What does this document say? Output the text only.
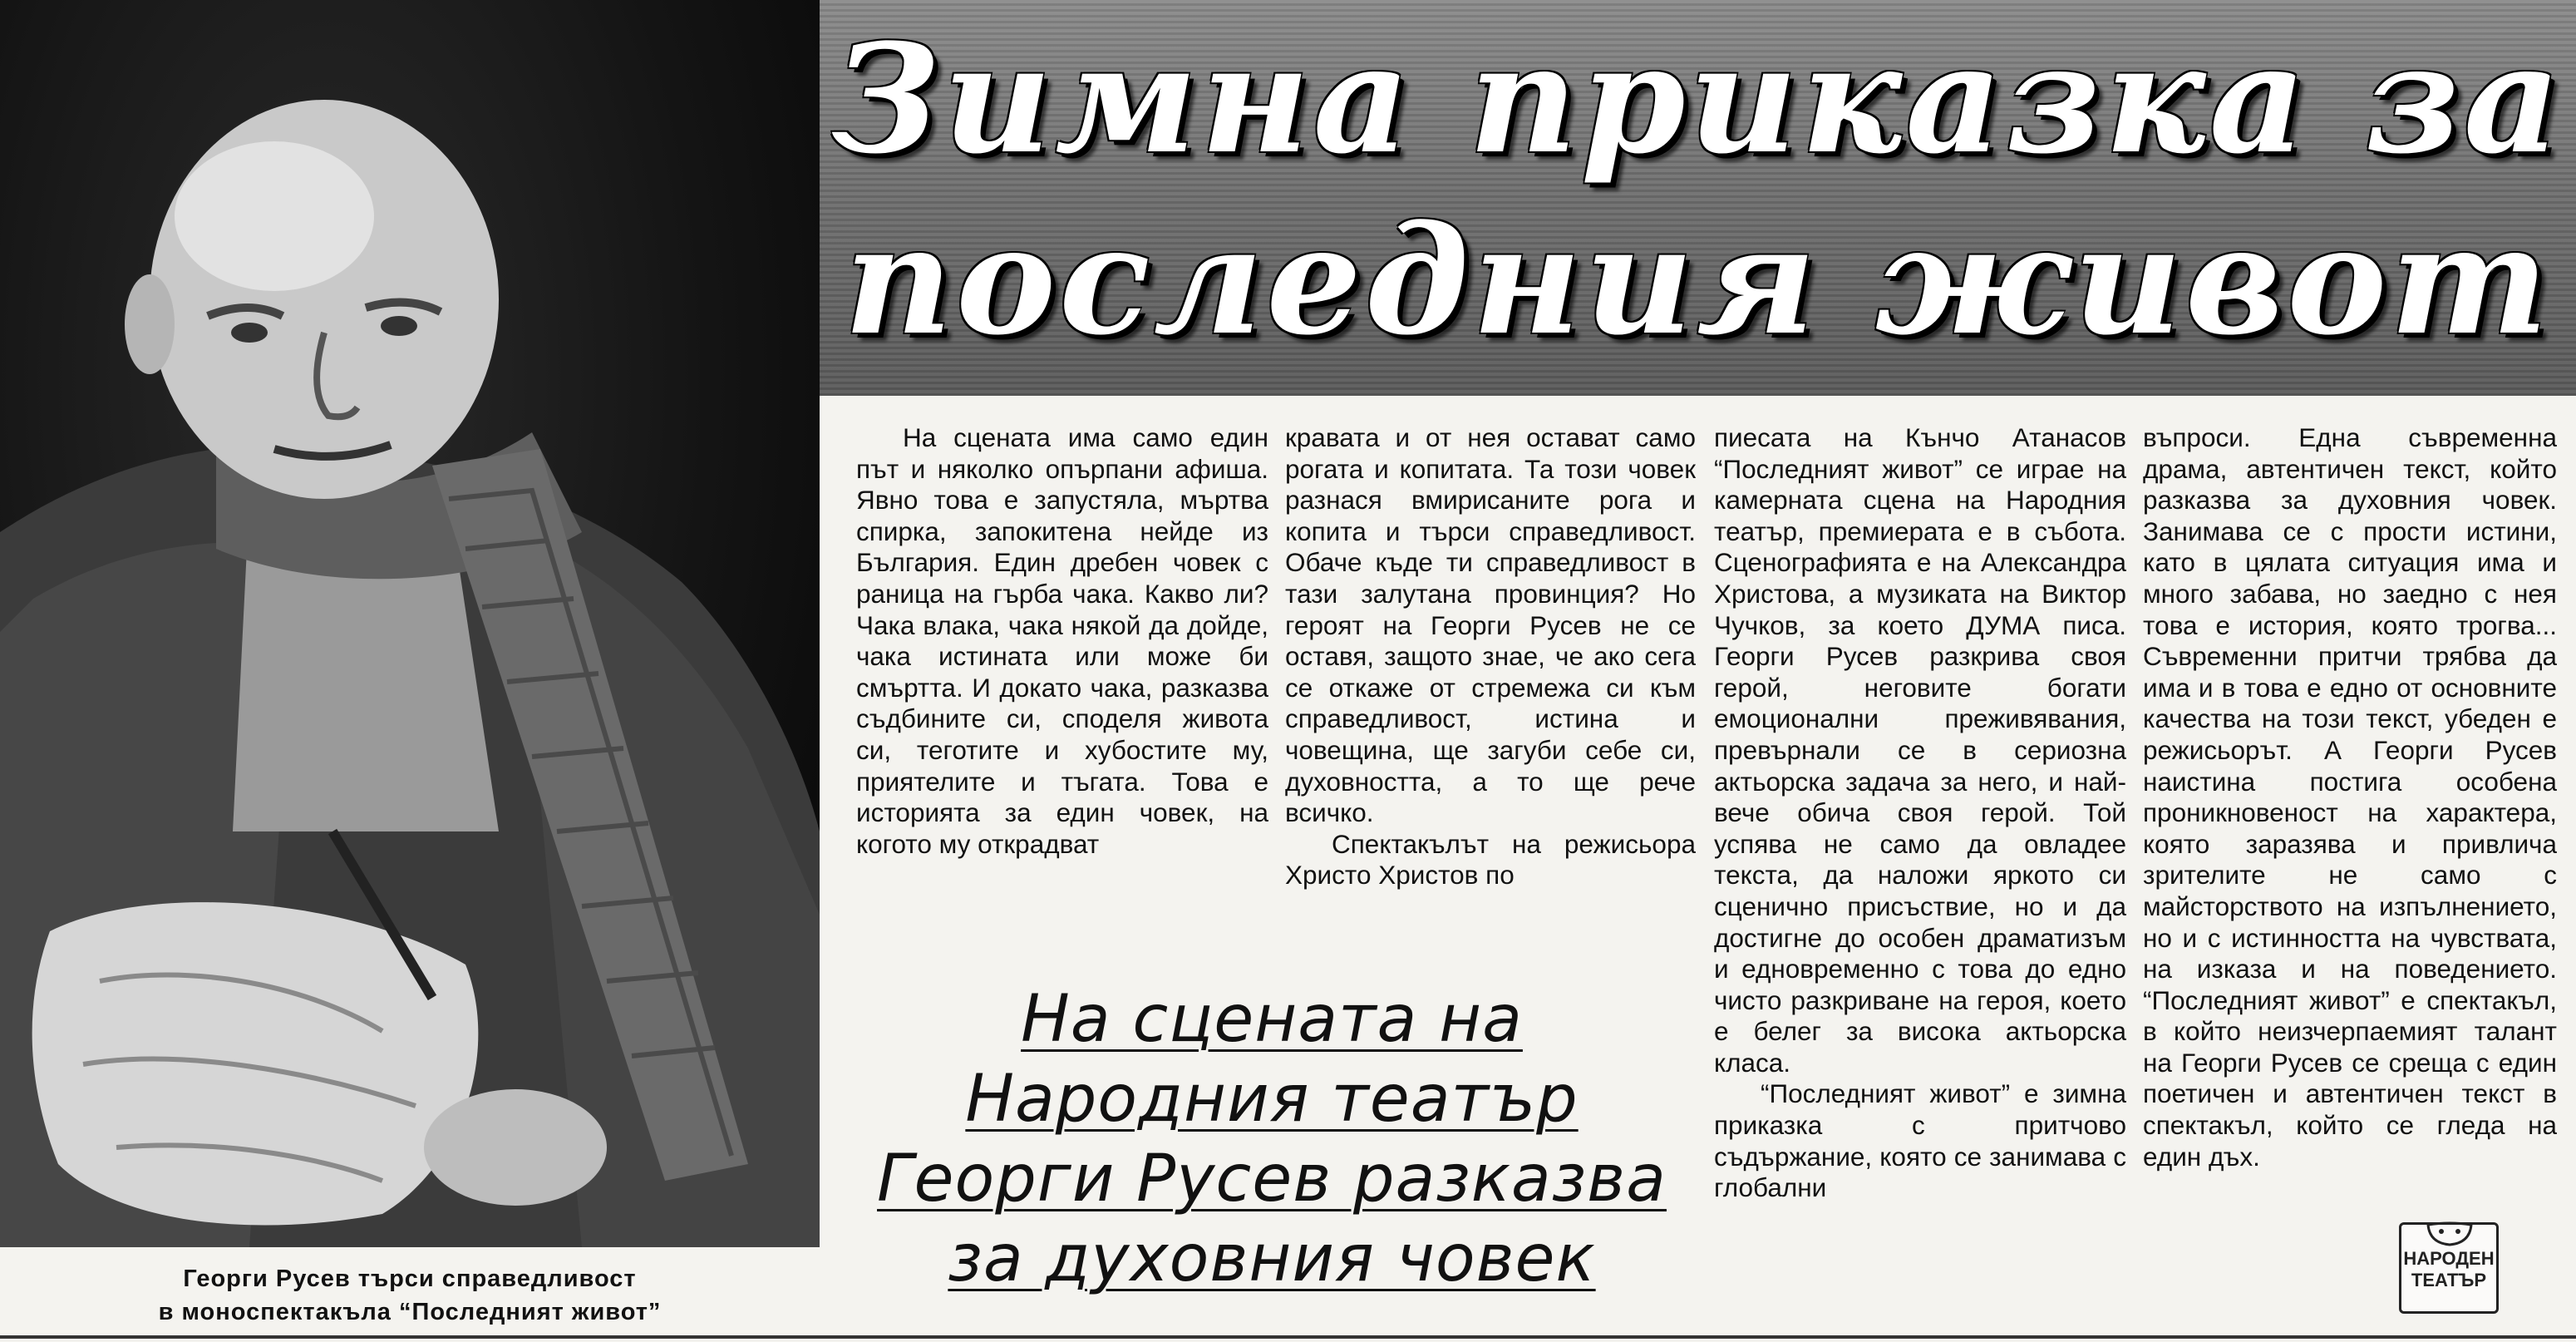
Георги Русев търси справедливост
в моноспектакъла “Последният живот”
Зимна приказка за
последния живот

На сцената има само един път и няколко опърпани афиша. Явно това е запустяла, мъртва спирка, запокитена нейде из България. Един дребен човек с раница на гърба чака. Какво ли? Чака влака, чака някой да дойде, чака истината или може би смъртта. И докато чака, разказва съдбините си, споделя живота си, теготите и хубостите му, приятелите и тъгата. Това е историята за един човек, на когото му открадват

кравата и от нея остават само рогата и копитата. Та този човек разнася вмирисаните рога и копита и търси справедливост. Обаче къде ти справедливост в тази залутана провинция? Но героят на Георги Русев не се оставя, защото знае, че ако сега се откаже от стремежа си към справедливост, истина и човещина, ще загуби себе си, духовността, а то ще рече всичко.

Спектакълът на режисьора Христо Христов по

пиесата на Кънчо Атанасов “Последният живот” се играе на камерната сцена на Народния театър, премиерата е в събота. Сценографията е на Александра Христова, а музиката на Виктор Чучков, за което ДУМА писа. Георги Русев разкрива своя герой, неговите богати емоционални преживявания, превърнали се в сериозна актьорска задача за него, и най-вече обича своя герой. Той успява не само да овладее текста, да наложи яркото си сценично присъствие, но и да достигне до особен драматизъм и едновременно с това до едно чисто разкриване на героя, което е белег за висока актьорска класа.

“Последният живот” е зимна приказка с притчово съдържание, която се занимава с глобални

въпроси. Една съвременна драма, автентичен текст, който разказва за духовния човек. Занимава се с прости истини, като в цялата ситуация има и много забава, но заедно с нея това е история, която трогва... Съвременни притчи трябва да има и в това е едно от основните качества на този текст, убеден е режисьорът. А Георги Русев наистина постига особена проникновеност на характера, която заразява и привлича зрителите не само с майсторството на изпълнението, но и с истинността на чувствата, на изказа и на поведението. “Последният живот” е спектакъл, в който неизчерпаемият талант на Георги Русев се среща с един поетичен и автентичен текст в спектакъл, който се гледа на един дъх.

На сцената на
Народния театър
Георги Русев разказва
за духовния човек	НАРОДЕН
ТЕАТЪР
